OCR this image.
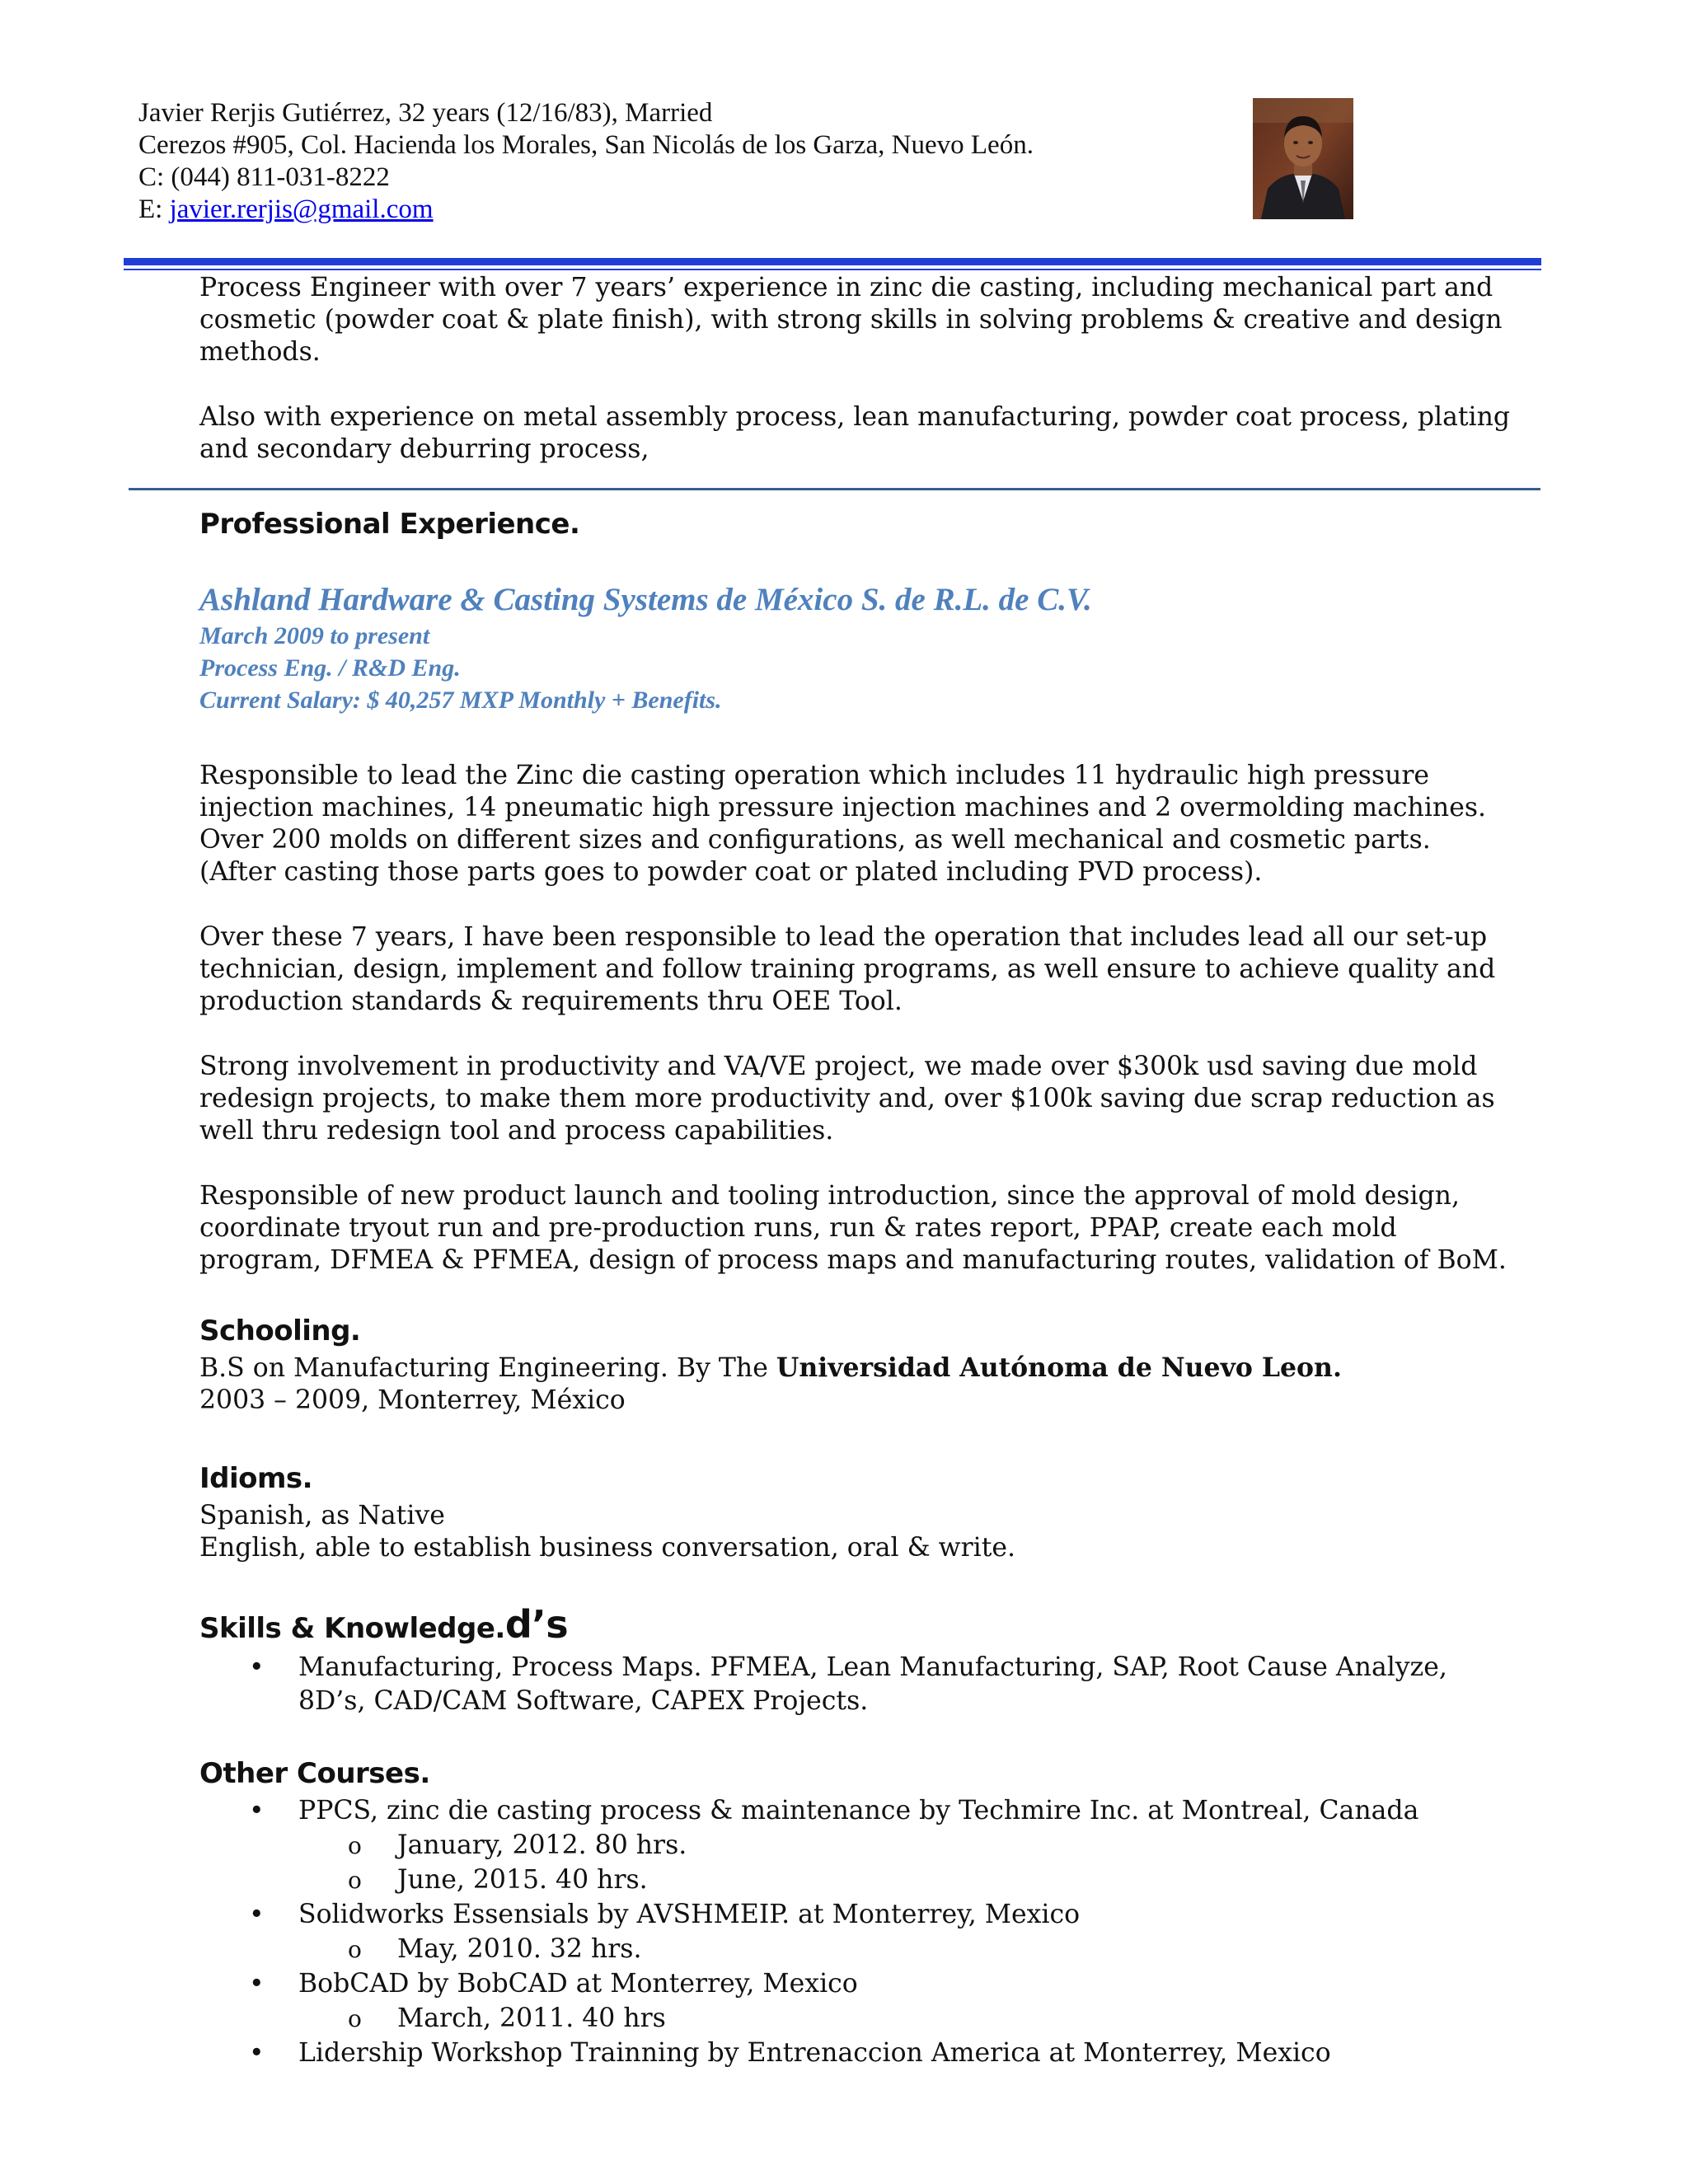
Javier Rerjis Gutiérrez, 32 years (12/16/83), Married
Cerezos #905, Col. Hacienda los Morales, San Nicolás de los Garza, Nuevo León.
C: (044) 811-031-8222
E: javier.rerjis@gmail.com
Process Engineer with over 7 years’ experience in zinc die casting, including mechanical part and
cosmetic (powder coat & plate finish), with strong skills in solving problems & creative and design
methods.
Also with experience on metal assembly process, lean manufacturing, powder coat process, plating
and secondary deburring process,
Professional Experience.
Ashland Hardware & Casting Systems de México S. de R.L. de C.V.
March 2009 to present
Process Eng. / R&D Eng.
Current Salary: $ 40,257 MXP Monthly + Benefits.
Responsible to lead the Zinc die casting operation which includes 11 hydraulic high pressure
injection machines, 14 pneumatic high pressure injection machines and 2 overmolding machines.
Over 200 molds on different sizes and configurations, as well mechanical and cosmetic parts.
(After casting those parts goes to powder coat or plated including PVD process).
Over these 7 years, I have been responsible to lead the operation that includes lead all our set-up
technician, design, implement and follow training programs, as well ensure to achieve quality and
production standards & requirements thru OEE Tool.
Strong involvement in productivity and VA/VE project, we made over $300k usd saving due mold
redesign projects, to make them more productivity and, over $100k saving due scrap reduction as
well thru redesign tool and process capabilities.
Responsible of new product launch and tooling introduction, since the approval of mold design,
coordinate tryout run and pre-production runs, run & rates report, PPAP, create each mold
program, DFMEA & PFMEA, design of process maps and manufacturing routes, validation of BoM.
Schooling.
B.S on Manufacturing Engineering. By The Universidad Autónoma de Nuevo Leon.
2003 – 2009, Monterrey, México
Idioms.
Spanish, as Native
English, able to establish business conversation, oral & write.
Skills & Knowledge.d’s
• Manufacturing, Process Maps. PFMEA, Lean Manufacturing, SAP, Root Cause Analyze,
8D’s, CAD/CAM Software, CAPEX Projects.
Other Courses.
• PPCS, zinc die casting process & maintenance by Techmire Inc. at Montreal, Canada
o January, 2012. 80 hrs.
o June, 2015. 40 hrs.
• Solidworks Essensials by AVSHMEIP. at Monterrey, Mexico
o May, 2010. 32 hrs.
• BobCAD by BobCAD at Monterrey, Mexico
o March, 2011. 40 hrs
• Lidership Workshop Trainning by Entrenaccion America at Monterrey, Mexico
